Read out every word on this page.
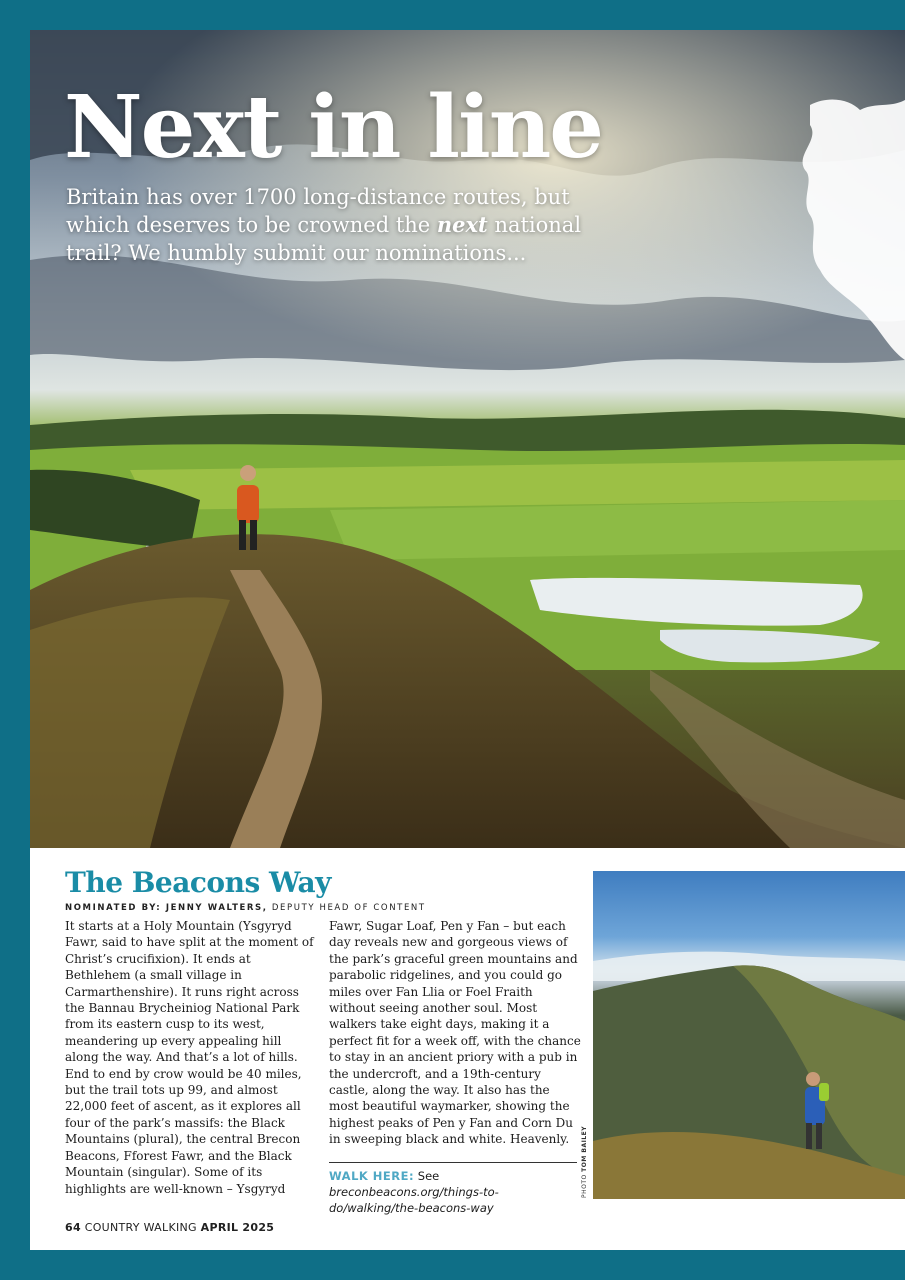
Next in line

Britain has over 1700 long-distance routes, but which deserves to be crowned the next national trail? We humbly submit our nominations...

The Beacons Way
NOMINATED BY: JENNY WALTERS, DEPUTY HEAD OF CONTENT

It starts at a Holy Mountain (Ysgyryd Fawr, said to have split at the moment of Christ’s crucifixion). It ends at Bethlehem (a small village in Carmarthenshire). It runs right across the Bannau Brycheiniog National Park from its eastern cusp to its west, meandering up every appealing hill along the way. And that’s a lot of hills. End to end by crow would be 40 miles, but the trail tots up 99, and almost 22,000 feet of ascent, as it explores all four of the park’s massifs: the Black Mountains (plural), the central Brecon Beacons, Fforest Fawr, and the Black Mountain (singular). Some of its highlights are well-known – Ysgyryd

Fawr, Sugar Loaf, Pen y Fan – but each day reveals new and gorgeous views of the park’s graceful green mountains and parabolic ridgelines, and you could go miles over Fan Llia or Foel Fraith without seeing another soul. Most walkers take eight days, making it a perfect fit for a week off, with the chance to stay in an ancient priory with a pub in the undercroft, and a 19th-century castle, along the way. It also has the most beautiful waymarker, showing the highest peaks of Pen y Fan and Corn Du in sweeping black and white. Heavenly.

WALK HERE: See breconbeacons.org/things-to-do/walking/the-beacons-way

PHOTO TOM BAILEY
64 COUNTRY WALKING APRIL 2025
